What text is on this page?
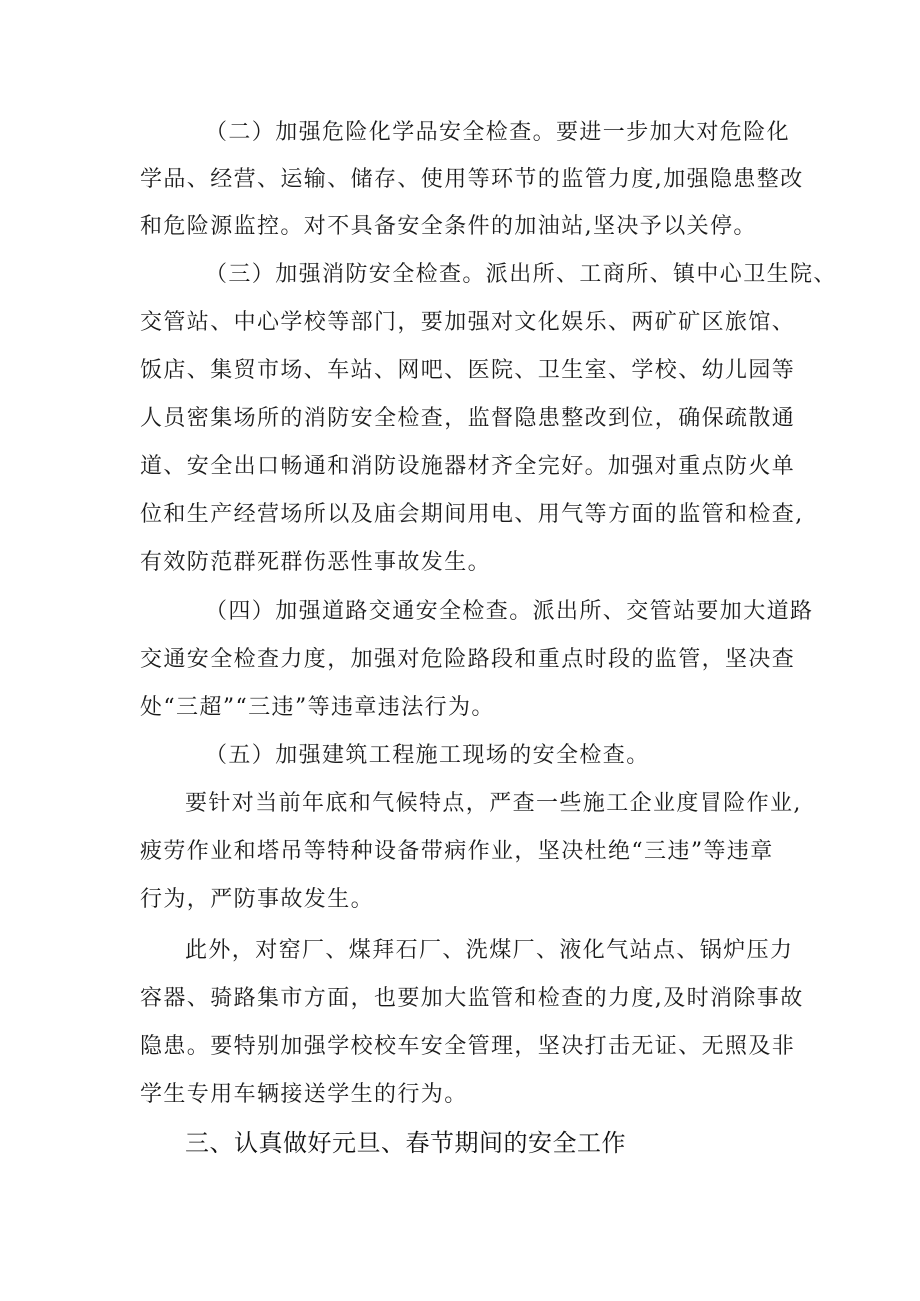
（二）加强危险化学品安全检查。要进一步加大对危险化
学品、经营、运输、储存、使用等环节的监管力度,加强隐患整改
和危险源监控。对不具备安全条件的加油站,坚决予以关停。
（三）加强消防安全检查。派出所、工商所、镇中心卫生院、
交管站、中心学校等部门，要加强对文化娱乐、两矿矿区旅馆、
饭店、集贸市场、车站、网吧、医院、卫生室、学校、幼儿园等
人员密集场所的消防安全检查，监督隐患整改到位，确保疏散通
道、安全出口畅通和消防设施器材齐全完好。加强对重点防火单
位和生产经营场所以及庙会期间用电、用气等方面的监管和检查,
有效防范群死群伤恶性事故发生。
（四）加强道路交通安全检查。派出所、交管站要加大道路
交通安全检查力度，加强对危险路段和重点时段的监管，坚决查
处“三超”“三违”等违章违法行为。
（五）加强建筑工程施工现场的安全检查。
要针对当前年底和气候特点，严查一些施工企业度冒险作业,
疲劳作业和塔吊等特种设备带病作业，坚决杜绝“三违”等违章
行为，严防事故发生。
此外，对窑厂、煤拜石厂、洗煤厂、液化气站点、锅炉压力
容器、骑路集市方面，也要加大监管和检查的力度,及时消除事故
隐患。要特别加强学校校车安全管理，坚决打击无证、无照及非
学生专用车辆接送学生的行为。
三、认真做好元旦、春节期间的安全工作
